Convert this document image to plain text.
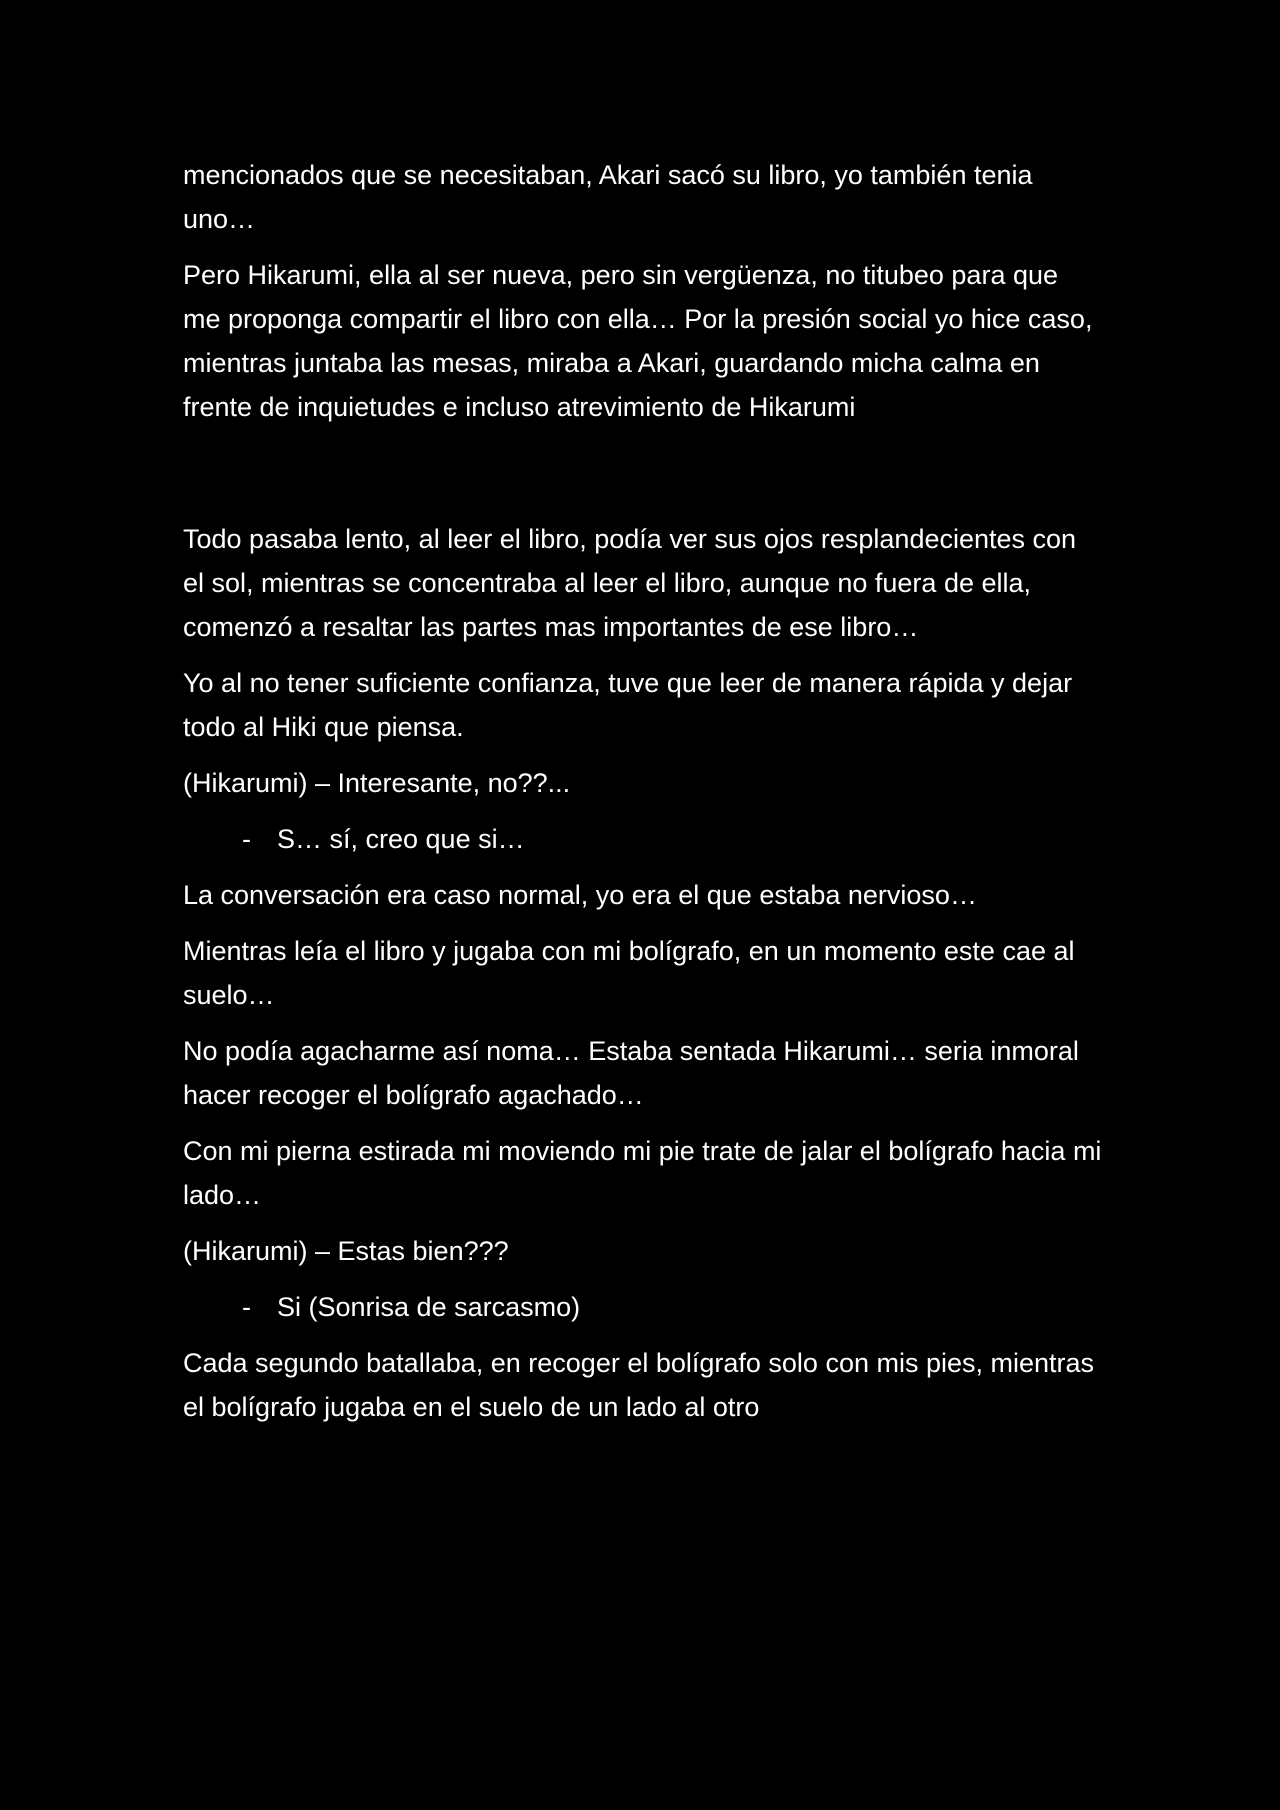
mencionados que se necesitaban, Akari sacó su libro, yo también tenia uno…

Pero Hikarumi, ella al ser nueva, pero sin vergüenza, no titubeo para que me proponga compartir el libro con ella… Por la presión social yo hice caso, mientras juntaba las mesas, miraba a Akari, guardando micha calma en frente de inquietudes e incluso atrevimiento de Hikarumi

Todo pasaba lento, al leer el libro, podía ver sus ojos resplandecientes con el sol, mientras se concentraba al leer el libro, aunque no fuera de ella, comenzó a resaltar las partes mas importantes de ese libro…

Yo al no tener suficiente confianza, tuve que leer de manera rápida y dejar todo al Hiki que piensa.

(Hikarumi) – Interesante, no??...

- S… sí, creo que si…

La conversación era caso normal, yo era el que estaba nervioso…

Mientras leía el libro y jugaba con mi bolígrafo, en un momento este cae al suelo…

No podía agacharme así noma… Estaba sentada Hikarumi… seria inmoral hacer recoger el bolígrafo agachado…

Con mi pierna estirada mi moviendo mi pie trate de jalar el bolígrafo hacia mi lado…

(Hikarumi) – Estas bien???

- Si (Sonrisa de sarcasmo)

Cada segundo batallaba, en recoger el bolígrafo solo con mis pies, mientras el bolígrafo jugaba en el suelo de un lado al otro
